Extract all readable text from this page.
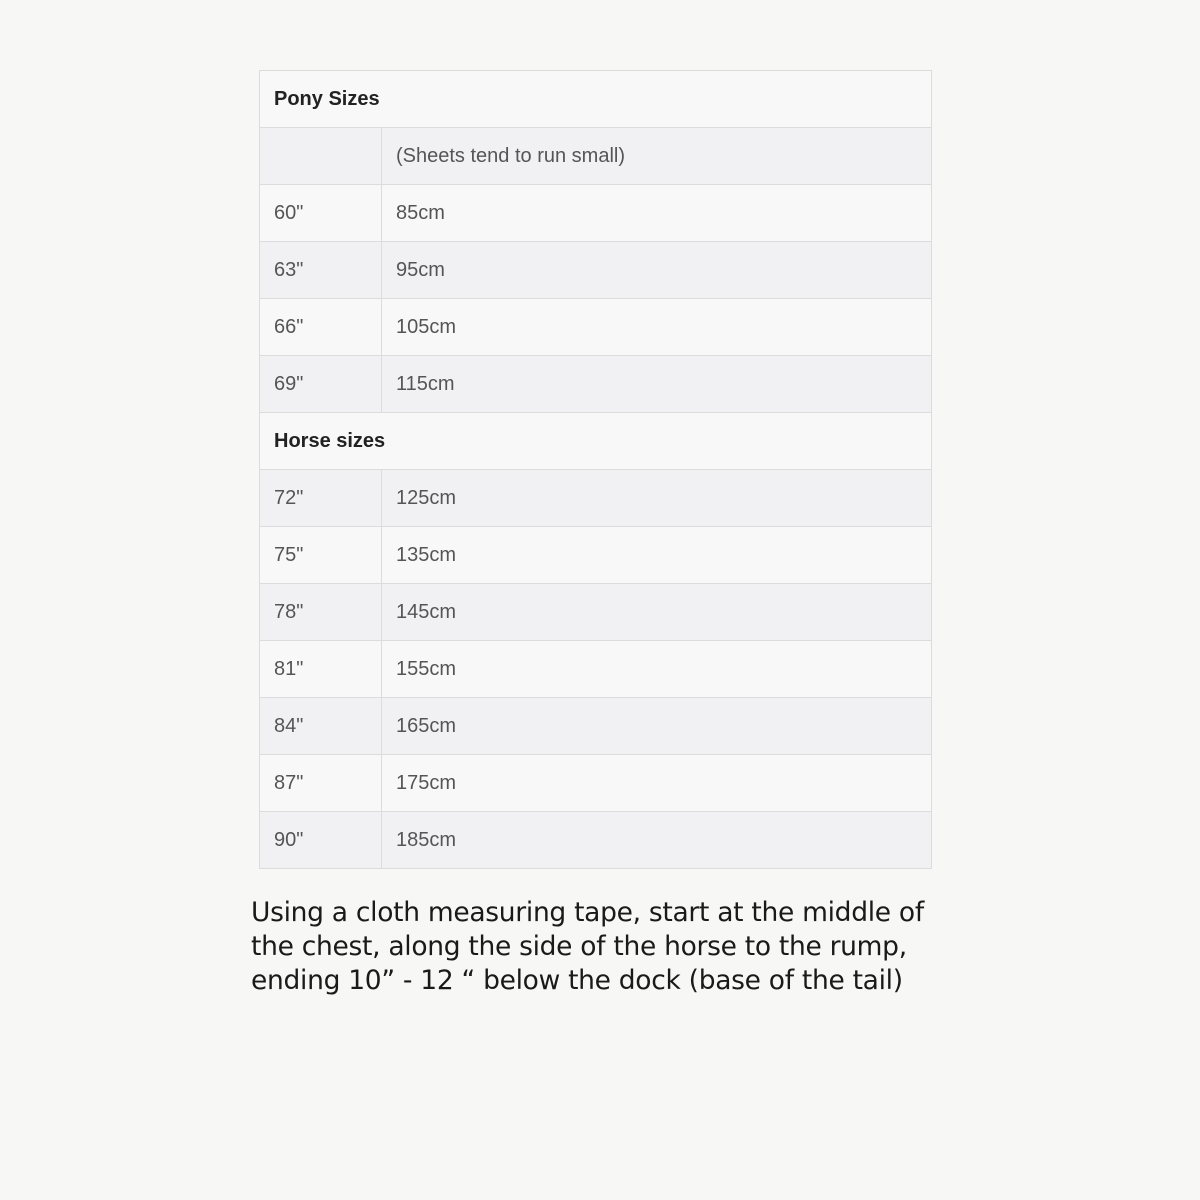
Pony Sizes	
	(Sheets tend to run small)
60"	85cm
63"	95cm
66"	105cm
69"	115cm
Horse sizes	
72"	125cm
75"	135cm
78"	145cm
81"	155cm
84"	165cm
87"	175cm
90"	185cm

Using a cloth measuring tape, start at the middle of the chest, along the side of the horse to the rump, ending 10” - 12 “ below the dock (base of the tail)
